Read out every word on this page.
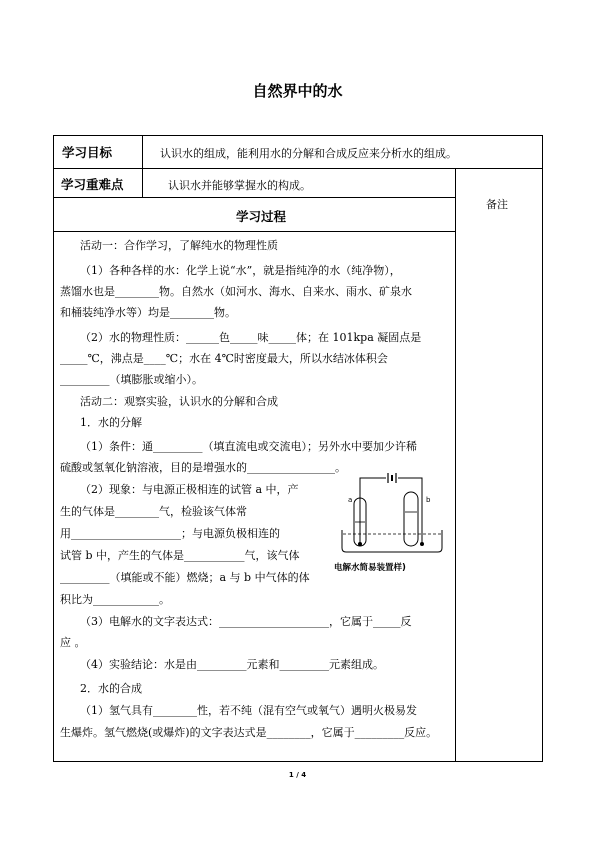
自然界中的水
学习目标	认识水的组成，能利用水的分解和合成反应来分析水的组成。
学习重难点	认识水并能够掌握水的构成。
备注
学习过程
活动一：合作学习，了解纯水的物理性质
（1）各种各样的水：化学上说“水”，就是指纯净的水（纯净物），
蒸馏水也是________物。自然水（如河水、海水、自来水、雨水、矿泉水
和桶装纯净水等）均是________物。
（2）水的物理性质：______色_____味_____体；在 101kpa 凝固点是
_____℃，沸点是____℃；水在 4℃时密度最大，所以水结冰体积会
_________（填膨胀或缩小）。
活动二：观察实验，认识水的分解和合成
1．水的分解
（1）条件：通_________（填直流电或交流电）；另外水中要加少许稀
硫酸或氢氧化钠溶液，目的是增强水的________________。
（2）现象：与电源正极相连的试管 a 中，产
生的气体是________气，检验该气体常
用____________________；与电源负极相连的
试管 b 中，产生的气体是___________气，该气体
_________（填能或不能）燃烧；a 与 b 中气体的体
积比为____________。
（3）电解水的文字表达式：____________________，它属于_____反
应 。
（4）实验结论：水是由_________元素和_________元素组成。
2．水的合成
（1）氢气具有________性，若不纯（混有空气或氧气）遇明火极易发
生爆炸。氢气燃烧(或爆炸)的文字表达式是________，它属于_________反应。
a	b
电解水简易装置样)
1 / 4
